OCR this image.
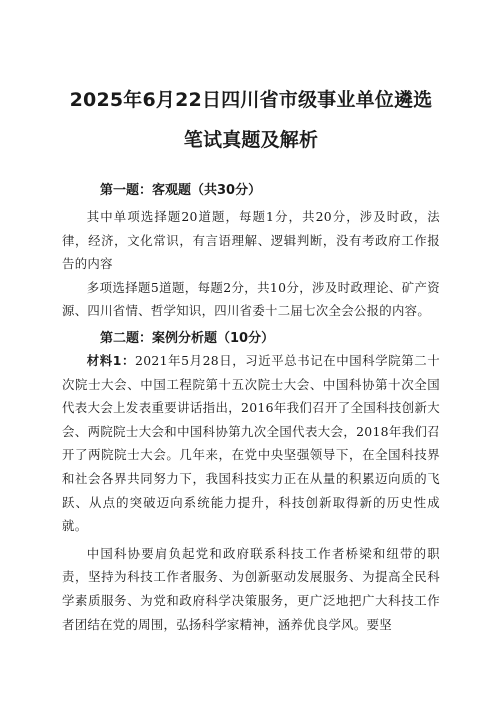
2025年6月22日四川省市级事业单位遴选
笔试真题及解析
第一题：客观题（共30分）

其中单项选择题20道题，每题1分，共20分，涉及时政，法律，经济，文化常识，有言语理解、逻辑判断，没有考政府工作报告的内容

多项选择题5道题，每题2分，共10分，涉及时政理论、矿产资源、四川省情、哲学知识，四川省委十二届七次全会公报的内容。

第二题：案例分析题（10分）

材料1：2021年5月28日，习近平总书记在中国科学院第二十次院士大会、中国工程院第十五次院士大会、中国科协第十次全国代表大会上发表重要讲话指出，2016年我们召开了全国科技创新大会、两院院士大会和中国科协第九次全国代表大会，2018年我们召开了两院院士大会。几年来，在党中央坚强领导下，在全国科技界和社会各界共同努力下，我国科技实力正在从量的积累迈向质的飞跃、从点的突破迈向系统能力提升，科技创新取得新的历史性成就。

中国科协要肩负起党和政府联系科技工作者桥梁和纽带的职责，坚持为科技工作者服务、为创新驱动发展服务、为提高全民科学素质服务、为党和政府科学决策服务，更广泛地把广大科技工作者团结在党的周围，弘扬科学家精神，涵养优良学风。要坚
